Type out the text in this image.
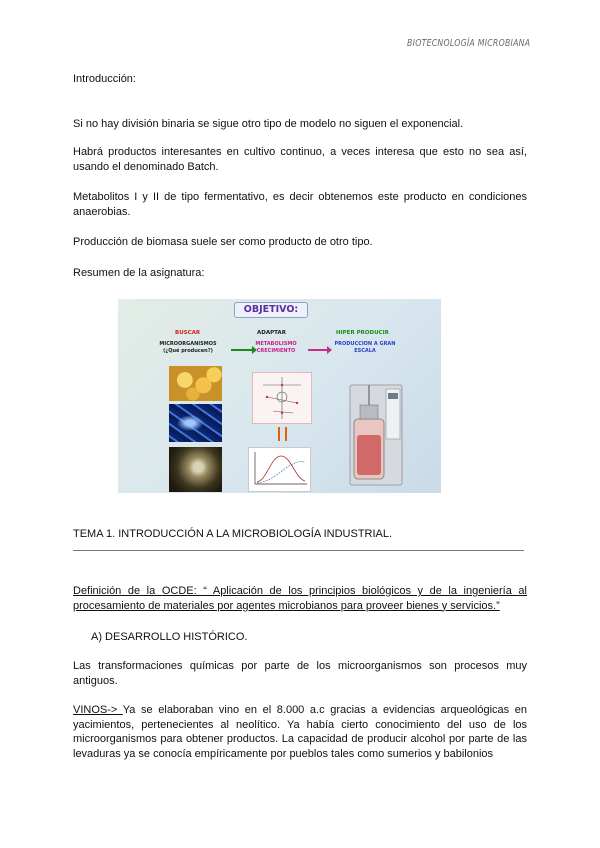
BIOTECNOLOGÍA MICROBIANA

Introducción:

Si no hay división binaria se sigue otro tipo de modelo no siguen el exponencial.

Habrá productos interesantes en cultivo continuo, a veces interesa que esto no sea así, usando el denominado Batch.

Metabolitos I y II de tipo fermentativo, es decir obtenemos este producto en condiciones anaerobias.

Producción de biomasa suele ser como producto de otro tipo.

Resumen de la asignatura:

OBJETIVO:
BUSCAR	ADAPTAR	HIPER PRODUCIR
MICROORGANISMOS
(¿Qué producen?)
METABOLISMO
CRECIMIENTO
PRODUCCION A GRAN
ESCALA

TEMA 1. INTRODUCCIÓN A LA MICROBIOLOGÍA INDUSTRIAL.

Definición de la OCDE: “ Aplicación de los principios biológicos y de la ingeniería al procesamiento de materiales por agentes microbianos para proveer bienes y servicios.”

A) DESARROLLO HISTÓRICO.

Las transformaciones químicas por parte de los microorganismos son procesos muy antiguos.

VINOS-> Ya se elaboraban vino en el 8.000 a.c gracias a evidencias arqueológicas en yacimientos, pertenecientes al neolítico. Ya había cierto conocimiento del uso de los microorganismos para obtener productos. La capacidad de producir alcohol por parte de las levaduras ya se conocía empíricamente por pueblos tales como sumerios y babilonios
